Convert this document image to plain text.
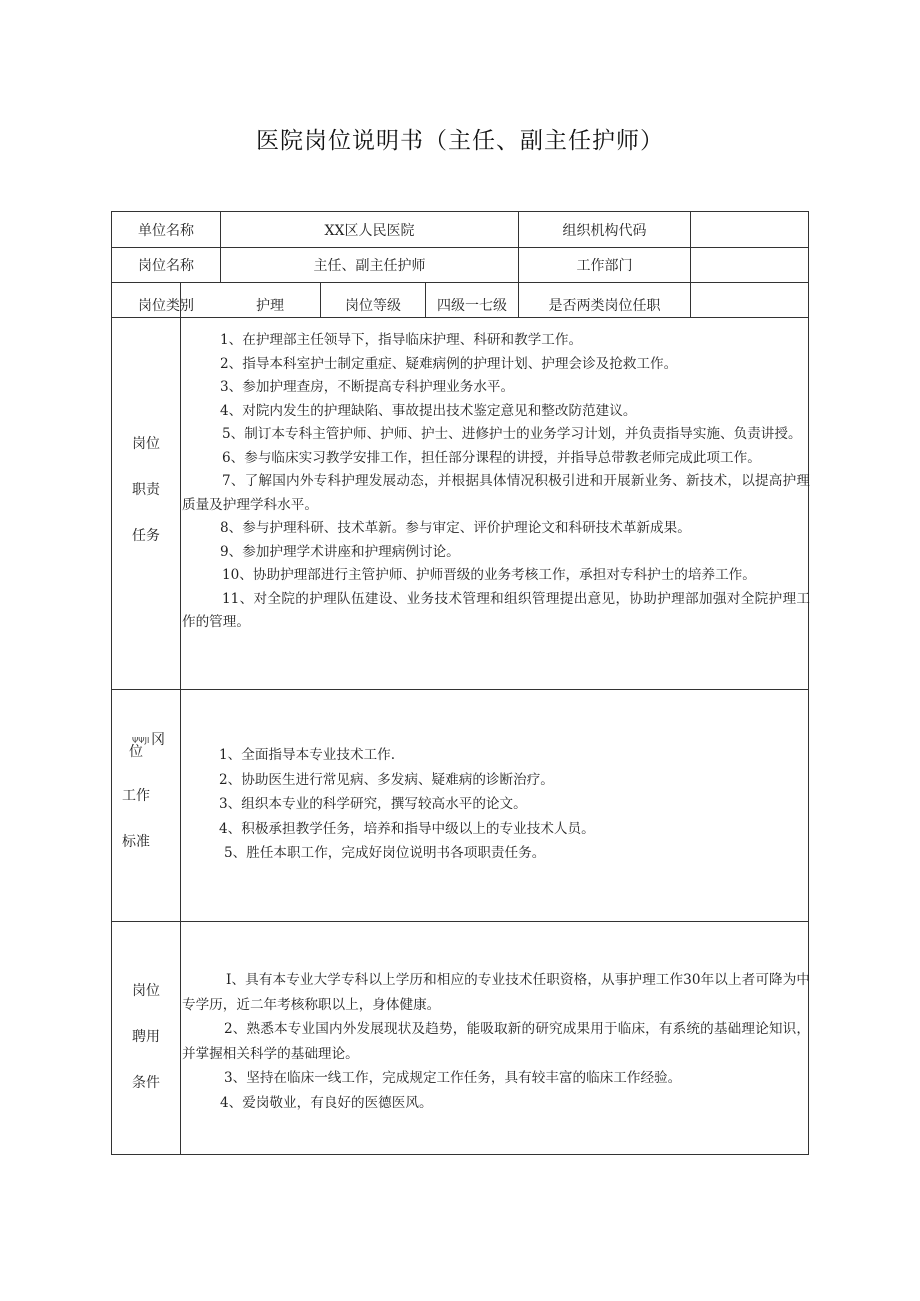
医院岗位说明书（主任、副主任护师）
单位名称	XX区人民医院	组织机构代码
岗位名称	主任、副主任护师	工作部门
岗位类别	护理	岗位等级	四级一七级	是否两类岗位任职
岗位
职责
任务

1、在护理部主任领导下，指导临床护理、科研和教学工作。

2、指导本科室护士制定重症、疑难病例的护理计划、护理会诊及抢救工作。

3、参加护理查房，不断提高专科护理业务水平。

4、对院内发生的护理缺陷、事故提出技术鉴定意见和整改防范建议。

5、制订本专科主管护师、护师、护士、进修护士的业务学习计划，并负责指导实施、负责讲授。

6、参与临床实习教学安排工作，担任部分课程的讲授，并指导总带教老师完成此项工作。

7、了解国内外专科护理发展动态，并根据具体情况积极引进和开展新业务、新技术，以提高护理质量及护理学科水平。

8、参与护理科研、技术革新。参与审定、评价护理论文和科研技术革新成果。

9、参加护理学术讲座和护理病例讨论。

10、协助护理部进行主管护师、护师晋级的业务考核工作，承担对专科护士的培养工作。

11、对全院的护理队伍建设、业务技术管理和组织管理提出意见，协助护理部加强对全院护理工作的管理。

ΨΨJI 冈
位
工作
标准

1、全面指导本专业技术工作.

2、协助医生进行常见病、多发病、疑难病的诊断治疗。

3、组织本专业的科学研究，撰写较高水平的论文。

4、积极承担教学任务，培养和指导中级以上的专业技术人员。

5、胜任本职工作，完成好岗位说明书各项职责任务。

岗位
聘用
条件

I、具有本专业大学专科以上学历和相应的专业技术任职资格，从事护理工作30年以上者可降为中专学历，近二年考核称职以上，身体健康。

2、熟悉本专业国内外发展现状及趋势，能吸取新的研究成果用于临床，有系统的基础理论知识，并掌握相关科学的基础理论。

3、坚持在临床一线工作，完成规定工作任务，具有较丰富的临床工作经验。

4、爱岗敬业，有良好的医德医风。
